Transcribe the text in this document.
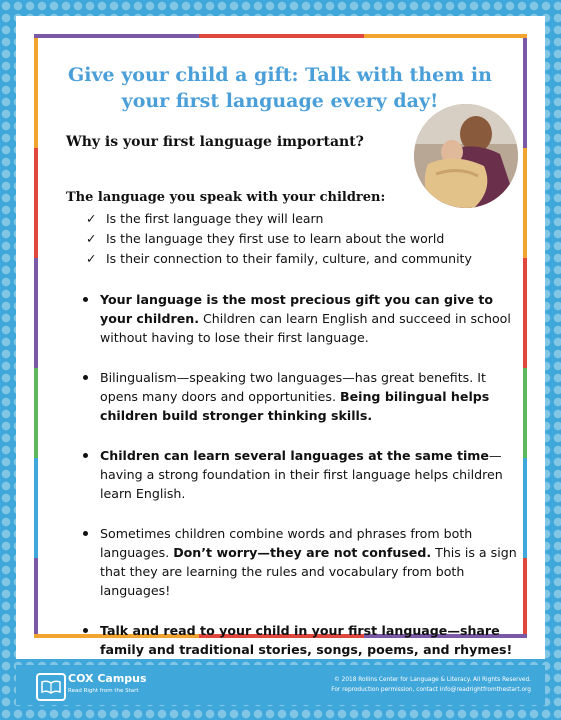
Give your child a gift: Talk with them in your first language every day!
Why is your first language important?
The language you speak with your children:
✓ Is the first language they will learn
✓ Is the language they first use to learn about the world
✓ Is their connection to their family, culture, and community
Your language is the most precious gift you can give to your children. Children can learn English and succeed in school without having to lose their first language.
Bilingualism—speaking two languages—has great benefits. It opens many doors and opportunities. Being bilingual helps children build stronger thinking skills.
Children can learn several languages at the same time—having a strong foundation in their first language helps children learn English.
Sometimes children combine words and phrases from both languages. Don’t worry—they are not confused. This is a sign that they are learning the rules and vocabulary from both languages!
Talk and read to your child in your first language—share family and traditional stories, songs, poems, and rhymes!
COX Campus
Read Right from the Start
© 2018 Rollins Center for Language & Literacy. All Rights Reserved.
For reproduction permission, contact info@readrightfromthestart.org
